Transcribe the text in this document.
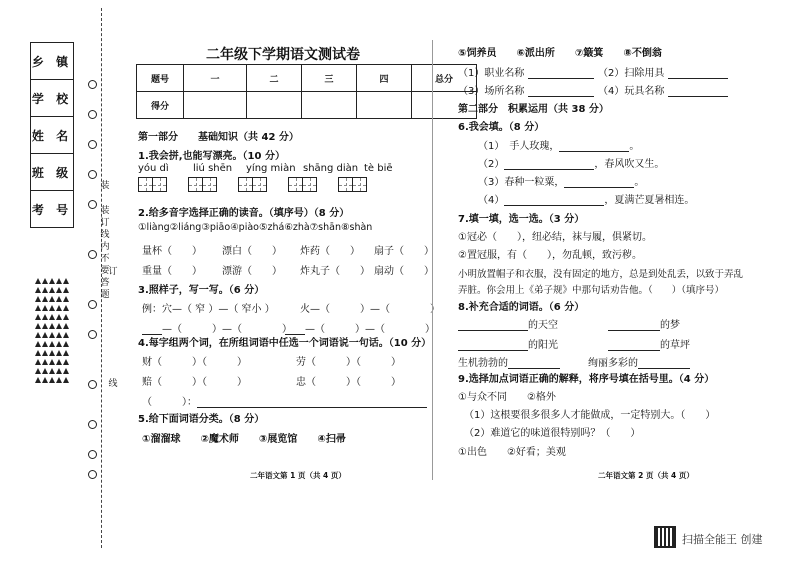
乡 镇
学 校
姓 名
班 级
考 号
装
装订线内不要答题
订
线
二年级下学期语文测试卷
题号	一	二	三	四	总分
得分					
第一部分　　基础知识（共 42 分）
1.我会拼,也能写漂亮。（10 分）
yóu dì liú shēn yíng miàn shāng diàn tè biē
2.给多音字选择正确的读音。（填序号）（8 分）
①liàng②liáng③piāo④piào⑤zhá⑥zhà⑦shān⑧shàn
量杯（　　） 漂白（　　） 炸药（　　） 扇子（　　）
重量（　　） 漂游（　　） 炸丸子（　　） 扇动（　　）
3.照样子，写一写。（6 分）
例：穴—（ 窄 ）—（ 窄小 ）	火—（　　　）—（　　　　）
—（　　　）—（　　　　）	—（　　　）—（　　　　）
4.每字组两个词，在所组词语中任选一个词语说一句话。（10 分）
财（　　　）（　　　）	劳（　　　）（　　　）
赔（　　　）（　　　）	忠（　　　）（　　　）
（　　　）：
5.给下面词语分类。（8 分）
①溜溜球　　②魔术师　　③展览馆　　④扫帚
二年语文第 1 页（共 4 页）
⑤饲养员　　⑥派出所　　⑦簸箕　　⑧不倒翁
（1）职业名称	（2）扫除用具
（3）场所名称	（4）玩具名称
第二部分　积累运用（共 38 分）
6.我会填。（8 分）
（1）　手人玫瑰，	。
（2）	，春风吹又生。
（3）春种一粒粟，	。
（4）	，夏满芒夏暑相连。
7.填一填，选一选。（3 分）
①冠必（　　），纽必结，袜与履，俱紧切。
②置冠服，有（　　），勿乱顿，致污秽。
小明放置帽子和衣服，没有固定的地方，总是到处乱丢，以致于弄乱
弄脏。你会用上《弟子规》中那句话劝告他。（　　）（填序号）
8.补充合适的词语。（6 分）
的天空	的梦
的阳光	的草坪
生机勃勃的	绚丽多彩的
9.选择加点词语正确的解释，将序号填在括号里。（4 分）
①与众不同　　②格外
（1）这根要很多很多人才能做成，一定特别大。（　　）
（2）难道它的味道很特别吗？（　　）
①出色　　②好看；美观
二年语文第 2 页（共 4 页）
扫描全能王 创建
